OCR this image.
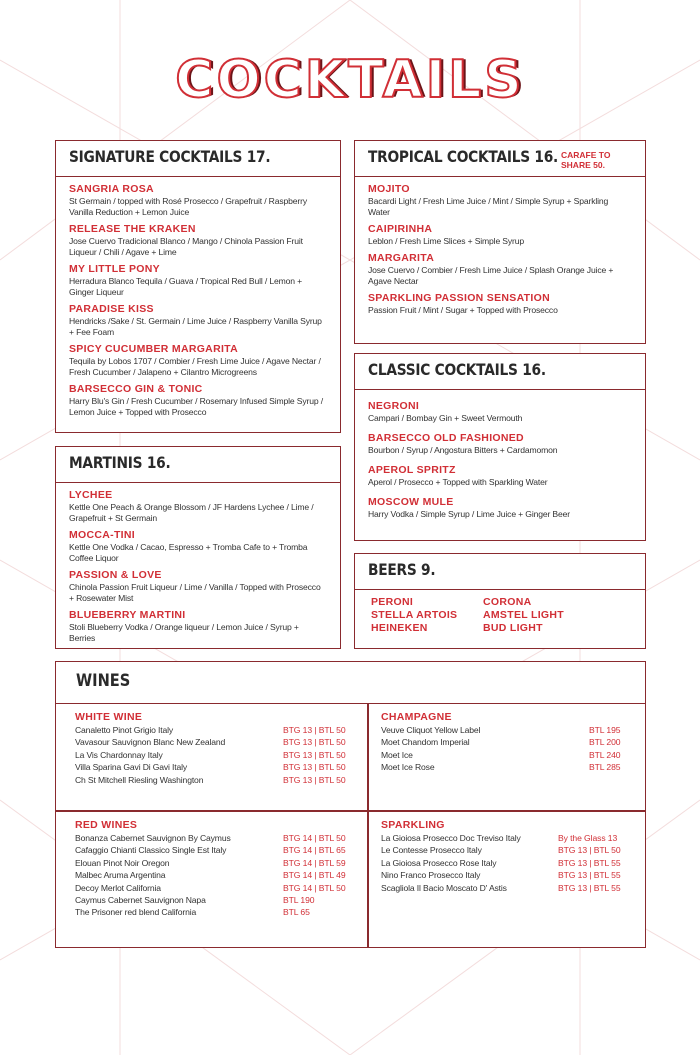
COCKTAILS
SIGNATURE COCKTAILS 17.
SANGRIA ROSA
St Germain / topped with Rosé Prosecco / Grapefruit / Raspberry Vanilla Reduction + Lemon Juice
RELEASE THE KRAKEN
Jose Cuervo Tradicional Blanco / Mango / Chinola Passion Fruit Liqueur / Chili / Agave + Lime
MY LITTLE PONY
Herradura Blanco Tequila / Guava / Tropical Red Bull / Lemon + Ginger Liqueur
PARADISE KISS
Hendricks /Sake / St. Germain / Lime Juice / Raspberry Vanilla Syrup + Fee Foam
SPICY CUCUMBER MARGARITA
Tequila by Lobos 1707 / Combier / Fresh Lime Juice / Agave Nectar / Fresh Cucumber / Jalapeno + Cilantro Microgreens
BARSECCO GIN & TONIC
Harry Blu's Gin / Fresh Cucumber / Rosemary Infused Simple Syrup / Lemon Juice + Topped with Prosecco
MARTINIS 16.
LYCHEE
Kettle One Peach & Orange Blossom / JF Hardens Lychee / Lime / Grapefruit + St Germain
MOCCA-TINI
Kettle One Vodka / Cacao, Espresso + Tromba Cafe to + Tromba Coffee Liquor
PASSION & LOVE
Chinola Passion Fruit Liqueur / Lime / Vanilla / Topped with Prosecco + Rosewater Mist
BLUEBERRY MARTINI
Stoli Blueberry Vodka / Orange liqueur / Lemon Juice / Syrup + Berries
TROPICAL COCKTAILS 16. CARAFE TO SHARE 50.
MOJITO
Bacardi Light / Fresh Lime Juice / Mint / Simple Syrup + Sparkling Water
CAIPIRINHA
Leblon / Fresh Lime Slices + Simple Syrup
MARGARITA
Jose Cuervo / Combier / Fresh Lime Juice / Splash Orange Juice + Agave Nectar
SPARKLING PASSION SENSATION
Passion Fruit / Mint / Sugar + Topped with Prosecco
CLASSIC COCKTAILS 16.
NEGRONI
Campari / Bombay Gin + Sweet Vermouth
BARSECCO OLD FASHIONED
Bourbon / Syrup / Angostura Bitters + Cardamomon
APEROL SPRITZ
Aperol / Prosecco + Topped with Sparkling Water
MOSCOW MULE
Harry Vodka / Simple Syrup / Lime Juice + Ginger Beer
BEERS 9.
PERONI
STELLA ARTOIS
HEINEKEN
CORONA
AMSTEL LIGHT
BUD LIGHT
WINES
WHITE WINE
Canaletto Pinot Grigio Italy	BTG 13 | BTL 50
Vavasour Sauvignon Blanc New Zealand	BTG 13 | BTL 50
La Vis Chardonnay Italy	BTG 13 | BTL 50
Villa Sparina Gavi Di Gavi Italy	BTG 13 | BTL 50
Ch St Mitchell Riesling Washington	BTG 13 | BTL 50
CHAMPAGNE
Veuve Cliquot Yellow Label	BTL 195
Moet Chandom Imperial	BTL 200
Moet Ice	BTL 240
Moet Ice Rose	BTL 285
RED WINES
Bonanza Cabernet Sauvignon By Caymus	BTG 14 | BTL 50
Cafaggio Chianti Classico Single Est Italy	BTG 14 | BTL 65
Elouan Pinot Noir Oregon	BTG 14 | BTL 59
Malbec Aruma Argentina	BTG 14 | BTL 49
Decoy Merlot California	BTG 14 | BTL 50
Caymus Cabernet Sauvignon Napa	BTL 190
The Prisoner red blend California	BTL 65
SPARKLING
La Gioiosa Prosecco Doc Treviso Italy	By the Glass 13
Le Contesse Prosecco Italy	BTG 13 | BTL 50
La Gioiosa Prosecco Rose Italy	BTG 13 | BTL 55
Nino Franco Prosecco Italy	BTG 13 | BTL 55
Scagliola Il Bacio Moscato D' Astis	BTG 13 | BTL 55
